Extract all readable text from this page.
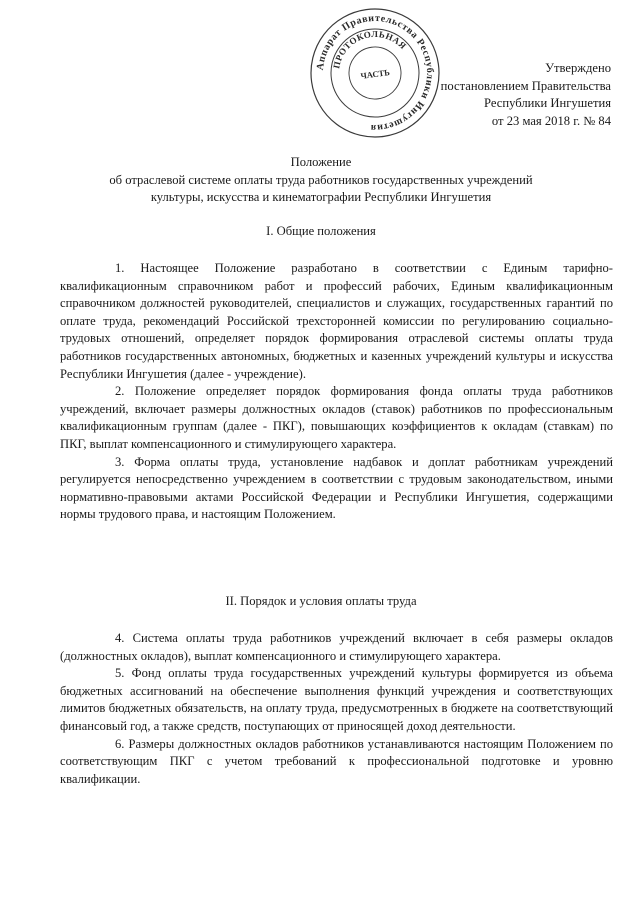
Аппарат Правительства Республики Ингушетия
ПРОТОКОЛЬНАЯ
ЧАСТЬ	Утверждено
постановлением Правительства
Республики Ингушетия
от 23 мая 2018 г. № 84
Положение
об отраслевой системе оплаты труда работников государственных учреждений
культуры, искусства и кинематографии Республики Ингушетия
I. Общие положения

1. Настоящее Положение разработано в соответствии с Единым тарифно-квалификационным справочником работ и профессий рабочих, Единым квалификационным справочником должностей руководителей, специалистов и служащих, государственных гарантий по оплате труда, рекомендаций Российской трехсторонней комиссии по регулированию социально-трудовых отношений, определяет порядок формирования отраслевой системы оплаты труда работников государственных автономных, бюджетных и казенных учреждений культуры и искусства Республики Ингушетия (далее - учреждение).

2. Положение определяет порядок формирования фонда оплаты труда работников учреждений, включает размеры должностных окладов (ставок) работников по профессиональным квалификационным группам (далее - ПКГ), повышающих коэффициентов к окладам (ставкам) по ПКГ, выплат компенсационного и стимулирующего характера.

3. Форма оплаты труда, установление надбавок и доплат работникам учреждений регулируется непосредственно учреждением в соответствии с трудовым законодательством, иными нормативно-правовыми актами Российской Федерации и Республики Ингушетия, содержащими нормы трудового права, и настоящим Положением.

II. Порядок и условия оплаты труда

4. Система оплаты труда работников учреждений включает в себя размеры окладов (должностных окладов), выплат компенсационного и стимулирующего характера.

5. Фонд оплаты труда государственных учреждений культуры формируется из объема бюджетных ассигнований на обеспечение выполнения функций учреждения и соответствующих лимитов бюджетных обязательств, на оплату труда, предусмотренных в бюджете на соответствующий финансовый год, а также средств, поступающих от приносящей доход деятельности.

6. Размеры должностных окладов работников устанавливаются настоящим Положением по соответствующим ПКГ с учетом требований к профессиональной подготовке и уровню квалификации.
